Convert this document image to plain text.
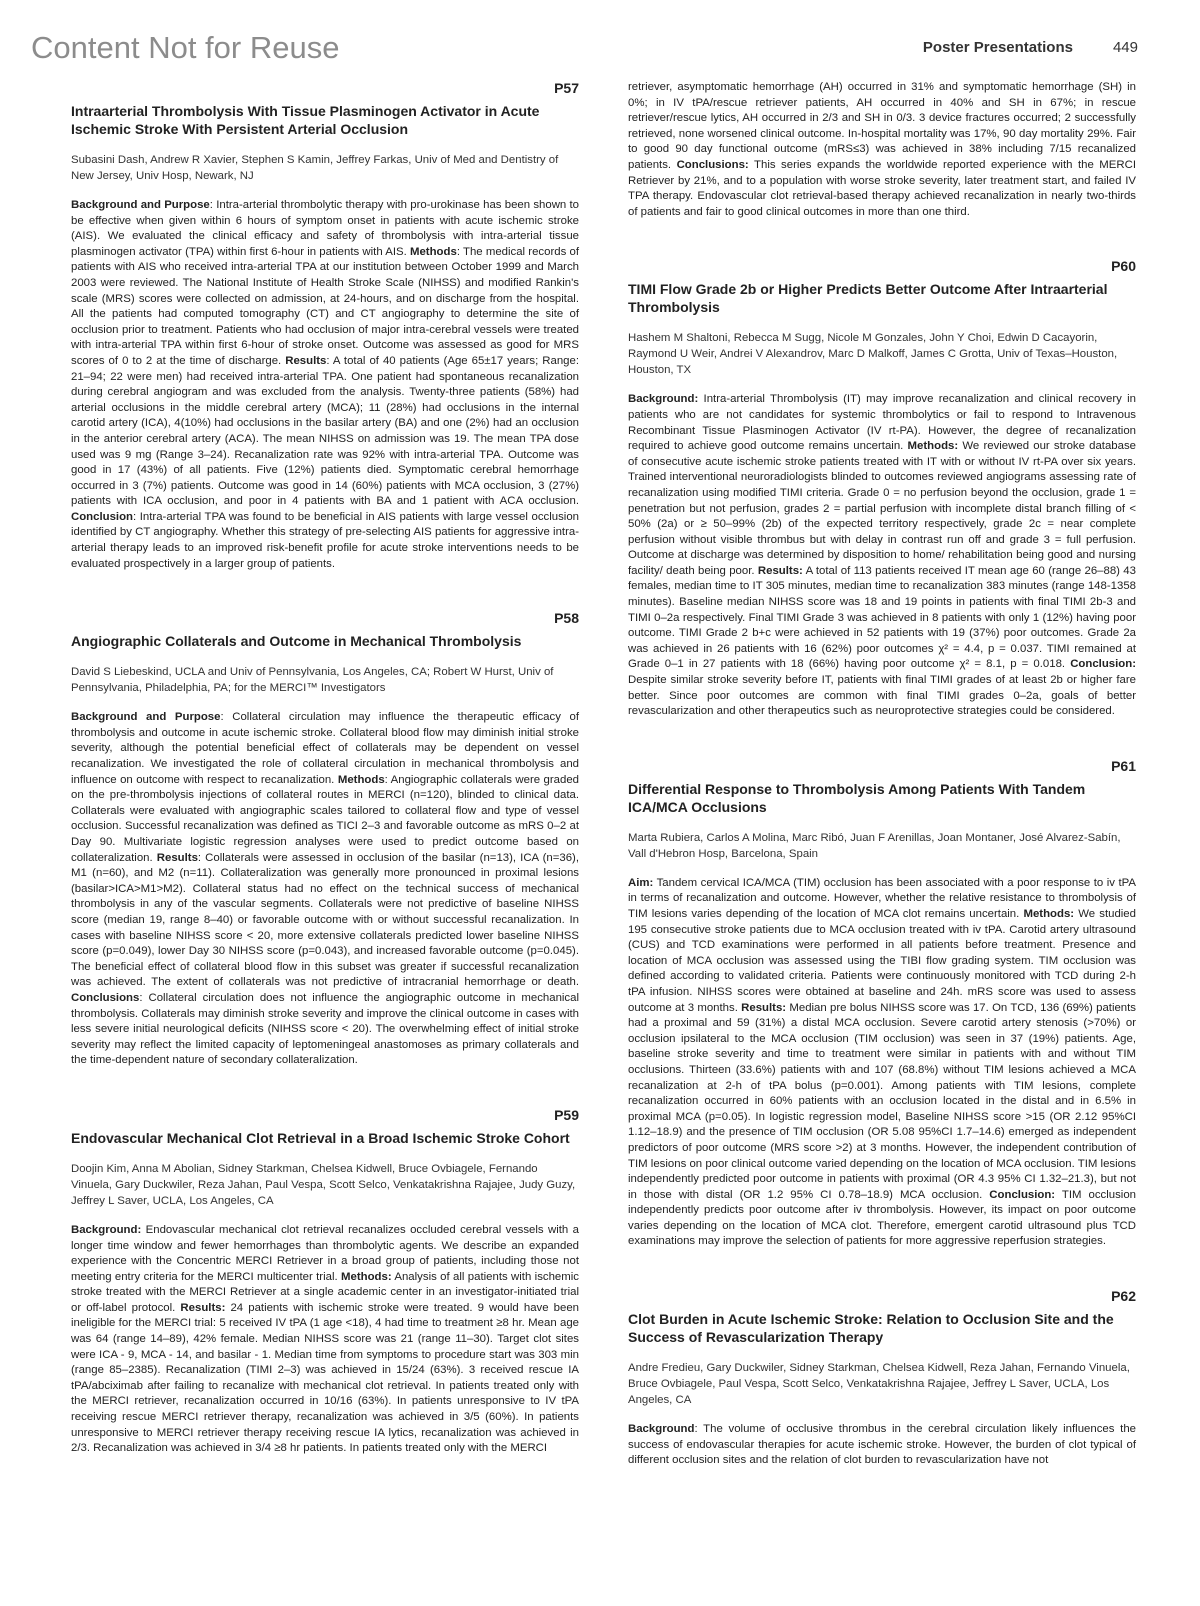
Content Not for Reuse	Poster Presentations	449
P57
Intraarterial Thrombolysis With Tissue Plasminogen Activator in Acute Ischemic Stroke With Persistent Arterial Occlusion
Subasini Dash, Andrew R Xavier, Stephen S Kamin, Jeffrey Farkas, Univ of Med and Dentistry of New Jersey, Univ Hosp, Newark, NJ

Background and Purpose: Intra-arterial thrombolytic therapy with pro-urokinase has been shown to be effective when given within 6 hours of symptom onset in patients with acute ischemic stroke (AIS). We evaluated the clinical efficacy and safety of thrombolysis with intra-arterial tissue plasminogen activator (TPA) within first 6-hour in patients with AIS. Methods: The medical records of patients with AIS who received intra-arterial TPA at our institution between October 1999 and March 2003 were reviewed. The National Institute of Health Stroke Scale (NIHSS) and modified Rankin's scale (MRS) scores were collected on admission, at 24-hours, and on discharge from the hospital. All the patients had computed tomography (CT) and CT angiography to determine the site of occlusion prior to treatment. Patients who had occlusion of major intra-cerebral vessels were treated with intra-arterial TPA within first 6-hour of stroke onset. Outcome was assessed as good for MRS scores of 0 to 2 at the time of discharge. Results: A total of 40 patients (Age 65±17 years; Range: 21–94; 22 were men) had received intra-arterial TPA. One patient had spontaneous recanalization during cerebral angiogram and was excluded from the analysis. Twenty-three patients (58%) had arterial occlusions in the middle cerebral artery (MCA); 11 (28%) had occlusions in the internal carotid artery (ICA), 4(10%) had occlusions in the basilar artery (BA) and one (2%) had an occlusion in the anterior cerebral artery (ACA). The mean NIHSS on admission was 19. The mean TPA dose used was 9 mg (Range 3–24). Recanalization rate was 92% with intra-arterial TPA. Outcome was good in 17 (43%) of all patients. Five (12%) patients died. Symptomatic cerebral hemorrhage occurred in 3 (7%) patients. Outcome was good in 14 (60%) patients with MCA occlusion, 3 (27%) patients with ICA occlusion, and poor in 4 patients with BA and 1 patient with ACA occlusion. Conclusion: Intra-arterial TPA was found to be beneficial in AIS patients with large vessel occlusion identified by CT angiography. Whether this strategy of pre-selecting AIS patients for aggressive intra-arterial therapy leads to an improved risk-benefit profile for acute stroke interventions needs to be evaluated prospectively in a larger group of patients.

P58
Angiographic Collaterals and Outcome in Mechanical Thrombolysis
David S Liebeskind, UCLA and Univ of Pennsylvania, Los Angeles, CA; Robert W Hurst, Univ of Pennsylvania, Philadelphia, PA; for the MERCI™ Investigators

Background and Purpose: Collateral circulation may influence the therapeutic efficacy of thrombolysis and outcome in acute ischemic stroke. Collateral blood flow may diminish initial stroke severity, although the potential beneficial effect of collaterals may be dependent on vessel recanalization. We investigated the role of collateral circulation in mechanical thrombolysis and influence on outcome with respect to recanalization. Methods: Angiographic collaterals were graded on the pre-thrombolysis injections of collateral routes in MERCI (n=120), blinded to clinical data. Collaterals were evaluated with angiographic scales tailored to collateral flow and type of vessel occlusion. Successful recanalization was defined as TICI 2–3 and favorable outcome as mRS 0–2 at Day 90. Multivariate logistic regression analyses were used to predict outcome based on collateralization. Results: Collaterals were assessed in occlusion of the basilar (n=13), ICA (n=36), M1 (n=60), and M2 (n=11). Collateralization was generally more pronounced in proximal lesions (basilar>ICA>M1>M2). Collateral status had no effect on the technical success of mechanical thrombolysis in any of the vascular segments. Collaterals were not predictive of baseline NIHSS score (median 19, range 8–40) or favorable outcome with or without successful recanalization. In cases with baseline NIHSS score < 20, more extensive collaterals predicted lower baseline NIHSS score (p=0.049), lower Day 30 NIHSS score (p=0.043), and increased favorable outcome (p=0.045). The beneficial effect of collateral blood flow in this subset was greater if successful recanalization was achieved. The extent of collaterals was not predictive of intracranial hemorrhage or death. Conclusions: Collateral circulation does not influence the angiographic outcome in mechanical thrombolysis. Collaterals may diminish stroke severity and improve the clinical outcome in cases with less severe initial neurological deficits (NIHSS score < 20). The overwhelming effect of initial stroke severity may reflect the limited capacity of leptomeningeal anastomoses as primary collaterals and the time-dependent nature of secondary collateralization.

P59
Endovascular Mechanical Clot Retrieval in a Broad Ischemic Stroke Cohort
Doojin Kim, Anna M Abolian, Sidney Starkman, Chelsea Kidwell, Bruce Ovbiagele, Fernando Vinuela, Gary Duckwiler, Reza Jahan, Paul Vespa, Scott Selco, Venkatakrishna Rajajee, Judy Guzy, Jeffrey L Saver, UCLA, Los Angeles, CA

Background: Endovascular mechanical clot retrieval recanalizes occluded cerebral vessels with a longer time window and fewer hemorrhages than thrombolytic agents. We describe an expanded experience with the Concentric MERCI Retriever in a broad group of patients, including those not meeting entry criteria for the MERCI multicenter trial. Methods: Analysis of all patients with ischemic stroke treated with the MERCI Retriever at a single academic center in an investigator-initiated trial or off-label protocol. Results: 24 patients with ischemic stroke were treated. 9 would have been ineligible for the MERCI trial: 5 received IV tPA (1 age <18), 4 had time to treatment ≥8 hr. Mean age was 64 (range 14–89), 42% female. Median NIHSS score was 21 (range 11–30). Target clot sites were ICA - 9, MCA - 14, and basilar - 1. Median time from symptoms to procedure start was 303 min (range 85–2385). Recanalization (TIMI 2–3) was achieved in 15/24 (63%). 3 received rescue IA tPA/abciximab after failing to recanalize with mechanical clot retrieval. In patients treated only with the MERCI retriever, recanalization occurred in 10/16 (63%). In patients unresponsive to IV tPA receiving rescue MERCI retriever therapy, recanalization was achieved in 3/5 (60%). In patients unresponsive to MERCI retriever therapy receiving rescue IA lytics, recanalization was achieved in 2/3. Recanalization was achieved in 3/4 ≥8 hr patients. In patients treated only with the MERCI

retriever, asymptomatic hemorrhage (AH) occurred in 31% and symptomatic hemorrhage (SH) in 0%; in IV tPA/rescue retriever patients, AH occurred in 40% and SH in 67%; in rescue retriever/rescue lytics, AH occurred in 2/3 and SH in 0/3. 3 device fractures occurred; 2 successfully retrieved, none worsened clinical outcome. In-hospital mortality was 17%, 90 day mortality 29%. Fair to good 90 day functional outcome (mRS≤3) was achieved in 38% including 7/15 recanalized patients. Conclusions: This series expands the worldwide reported experience with the MERCI Retriever by 21%, and to a population with worse stroke severity, later treatment start, and failed IV TPA therapy. Endovascular clot retrieval-based therapy achieved recanalization in nearly two-thirds of patients and fair to good clinical outcomes in more than one third.

P60
TIMI Flow Grade 2b or Higher Predicts Better Outcome After Intraarterial Thrombolysis
Hashem M Shaltoni, Rebecca M Sugg, Nicole M Gonzales, John Y Choi, Edwin D Cacayorin, Raymond U Weir, Andrei V Alexandrov, Marc D Malkoff, James C Grotta, Univ of Texas–Houston, Houston, TX

Background: Intra-arterial Thrombolysis (IT) may improve recanalization and clinical recovery in patients who are not candidates for systemic thrombolytics or fail to respond to Intravenous Recombinant Tissue Plasminogen Activator (IV rt-PA). However, the degree of recanalization required to achieve good outcome remains uncertain. Methods: We reviewed our stroke database of consecutive acute ischemic stroke patients treated with IT with or without IV rt-PA over six years. Trained interventional neuroradiologists blinded to outcomes reviewed angiograms assessing rate of recanalization using modified TIMI criteria. Grade 0 = no perfusion beyond the occlusion, grade 1 = penetration but not perfusion, grades 2 = partial perfusion with incomplete distal branch filling of < 50% (2a) or ≥ 50–99% (2b) of the expected territory respectively, grade 2c = near complete perfusion without visible thrombus but with delay in contrast run off and grade 3 = full perfusion. Outcome at discharge was determined by disposition to home/ rehabilitation being good and nursing facility/ death being poor. Results: A total of 113 patients received IT mean age 60 (range 26–88) 43 females, median time to IT 305 minutes, median time to recanalization 383 minutes (range 148-1358 minutes). Baseline median NIHSS score was 18 and 19 points in patients with final TIMI 2b-3 and TIMI 0–2a respectively. Final TIMI Grade 3 was achieved in 8 patients with only 1 (12%) having poor outcome. TIMI Grade 2 b+c were achieved in 52 patients with 19 (37%) poor outcomes. Grade 2a was achieved in 26 patients with 16 (62%) poor outcomes χ² = 4.4, p = 0.037. TIMI remained at Grade 0–1 in 27 patients with 18 (66%) having poor outcome χ² = 8.1, p = 0.018. Conclusion: Despite similar stroke severity before IT, patients with final TIMI grades of at least 2b or higher fare better. Since poor outcomes are common with final TIMI grades 0–2a, goals of better revascularization and other therapeutics such as neuroprotective strategies could be considered.

P61
Differential Response to Thrombolysis Among Patients With Tandem ICA/MCA Occlusions
Marta Rubiera, Carlos A Molina, Marc Ribó, Juan F Arenillas, Joan Montaner, José Alvarez-Sabín, Vall d'Hebron Hosp, Barcelona, Spain

Aim: Tandem cervical ICA/MCA (TIM) occlusion has been associated with a poor response to iv tPA in terms of recanalization and outcome. However, whether the relative resistance to thrombolysis of TIM lesions varies depending of the location of MCA clot remains uncertain. Methods: We studied 195 consecutive stroke patients due to MCA occlusion treated with iv tPA. Carotid artery ultrasound (CUS) and TCD examinations were performed in all patients before treatment. Presence and location of MCA occlusion was assessed using the TIBI flow grading system. TIM occlusion was defined according to validated criteria. Patients were continuously monitored with TCD during 2-h tPA infusion. NIHSS scores were obtained at baseline and 24h. mRS score was used to assess outcome at 3 months. Results: Median pre bolus NIHSS score was 17. On TCD, 136 (69%) patients had a proximal and 59 (31%) a distal MCA occlusion. Severe carotid artery stenosis (>70%) or occlusion ipsilateral to the MCA occlusion (TIM occlusion) was seen in 37 (19%) patients. Age, baseline stroke severity and time to treatment were similar in patients with and without TIM occlusions. Thirteen (33.6%) patients with and 107 (68.8%) without TIM lesions achieved a MCA recanalization at 2-h of tPA bolus (p=0.001). Among patients with TIM lesions, complete recanalization occurred in 60% patients with an occlusion located in the distal and in 6.5% in proximal MCA (p=0.05). In logistic regression model, Baseline NIHSS score >15 (OR 2.12 95%CI 1.12–18.9) and the presence of TIM occlusion (OR 5.08 95%CI 1.7–14.6) emerged as independent predictors of poor outcome (MRS score >2) at 3 months. However, the independent contribution of TIM lesions on poor clinical outcome varied depending on the location of MCA occlusion. TIM lesions independently predicted poor outcome in patients with proximal (OR 4.3 95% CI 1.32–21.3), but not in those with distal (OR 1.2 95% CI 0.78–18.9) MCA occlusion. Conclusion: TIM occlusion independently predicts poor outcome after iv thrombolysis. However, its impact on poor outcome varies depending on the location of MCA clot. Therefore, emergent carotid ultrasound plus TCD examinations may improve the selection of patients for more aggressive reperfusion strategies.

P62
Clot Burden in Acute Ischemic Stroke: Relation to Occlusion Site and the Success of Revascularization Therapy
Andre Fredieu, Gary Duckwiler, Sidney Starkman, Chelsea Kidwell, Reza Jahan, Fernando Vinuela, Bruce Ovbiagele, Paul Vespa, Scott Selco, Venkatakrishna Rajajee, Jeffrey L Saver, UCLA, Los Angeles, CA

Background: The volume of occlusive thrombus in the cerebral circulation likely influences the success of endovascular therapies for acute ischemic stroke. However, the burden of clot typical of different occlusion sites and the relation of clot burden to revascularization have not
